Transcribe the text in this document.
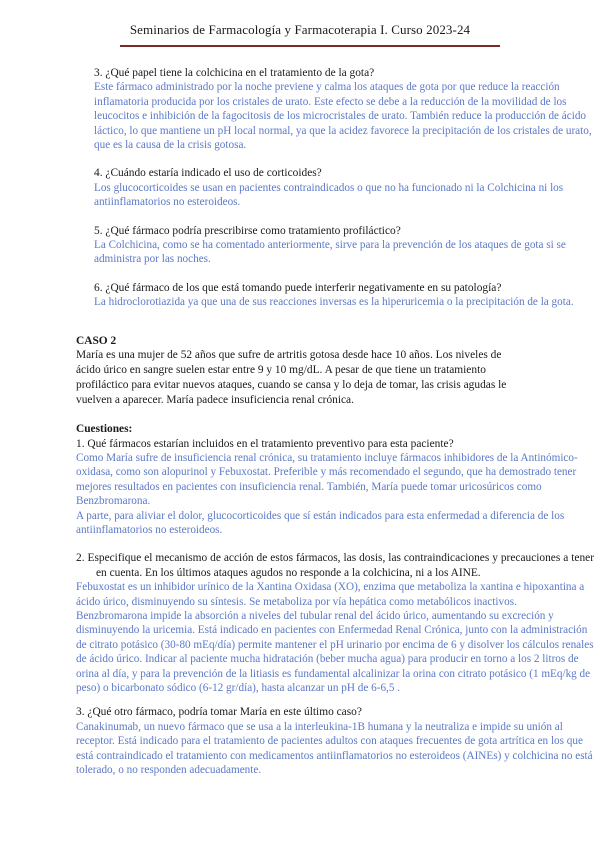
Seminarios de Farmacología y Farmacoterapia I. Curso 2023-24

3. ¿Qué papel tiene la colchicina en el tratamiento de la gota?

Este fármaco administrado por la noche previene y calma los ataques de gota por que reduce la reacción inflamatoria producida por los cristales de urato. Este efecto se debe a la reducción de la movilidad de los leucocitos e inhibición de la fagocitosis de los microcristales de urato. También reduce la producción de ácido láctico, lo que mantiene un pH local normal, ya que la acidez favorece la precipitación de los cristales de urato, que es la causa de la crisis gotosa.

4. ¿Cuándo estaría indicado el uso de corticoides?

Los glucocorticoides se usan en pacientes contraindicados o que no ha funcionado ni la Colchicina ni los antiinflamatorios no esteroideos.

5. ¿Qué fármaco podría prescribirse como tratamiento profiláctico?

La Colchicina, como se ha comentado anteriormente, sirve para la prevención de los ataques de gota si se administra por las noches.

6. ¿Qué fármaco de los que está tomando puede interferir negativamente en su patología?

La hidroclorotiazida ya que una de sus reacciones inversas es la hiperuricemia o la precipitación de la gota.

CASO 2

María es una mujer de 52 años que sufre de artritis gotosa desde hace 10 años. Los niveles de ácido úrico en sangre suelen estar entre 9 y 10 mg/dL. A pesar de que tiene un tratamiento profiláctico para evitar nuevos ataques, cuando se cansa y lo deja de tomar, las crisis agudas le vuelven a aparecer. María padece insuficiencia renal crónica.

Cuestiones:

1. Qué fármacos estarían incluidos en el tratamiento preventivo para esta paciente?

Como María sufre de insuficiencia renal crónica, su tratamiento incluye fármacos inhibidores de la Antinómico-oxidasa, como son alopurinol y Febuxostat. Preferible y más recomendado el segundo, que ha demostrado tener mejores resultados en pacientes con insuficiencia renal. También, María puede tomar uricosúricos como Benzbromarona.

A parte, para aliviar el dolor, glucocorticoides que sí están indicados para esta enfermedad a diferencia de los antiinflamatorios no esteroideos.

2. Especifique el mecanismo de acción de estos fármacos, las dosis, las contraindicaciones y precauciones a tener en cuenta. En los últimos ataques agudos no responde a la colchicina, ni a los AINE.

Febuxostat es un inhibidor urínico de la Xantina Oxidasa (XO), enzima que metaboliza la xantina e hipoxantina a ácido úrico, disminuyendo su síntesis. Se metaboliza por vía hepática como metabólicos inactivos.

Benzbromarona impide la absorción a niveles del tubular renal del ácido úrico, aumentando su excreción y disminuyendo la uricemia. Está indicado en pacientes con Enfermedad Renal Crónica, junto con la administración de citrato potásico (30-80 mEq/día) permite mantener el pH urinario por encima de 6 y disolver los cálculos renales de ácido úrico. Indicar al paciente mucha hidratación (beber mucha agua) para producir en torno a los 2 litros de orina al día, y para la prevención de la litiasis es fundamental alcalinizar la orina con citrato potásico (1 mEq/kg de peso) o bicarbonato sódico (6-12 gr/día), hasta alcanzar un pH de 6-6,5 .

3. ¿Qué otro fármaco, podría tomar María en este último caso?

Canakinumab, un nuevo fármaco que se usa a la interleukina-1B humana y la neutraliza e impide su unión al receptor. Está indicado para el tratamiento de pacientes adultos con ataques frecuentes de gota artrítica en los que está contraindicado el tratamiento con medicamentos antiinflamatorios no esteroideos (AINEs) y colchicina no está tolerado, o no responden adecuadamente.
